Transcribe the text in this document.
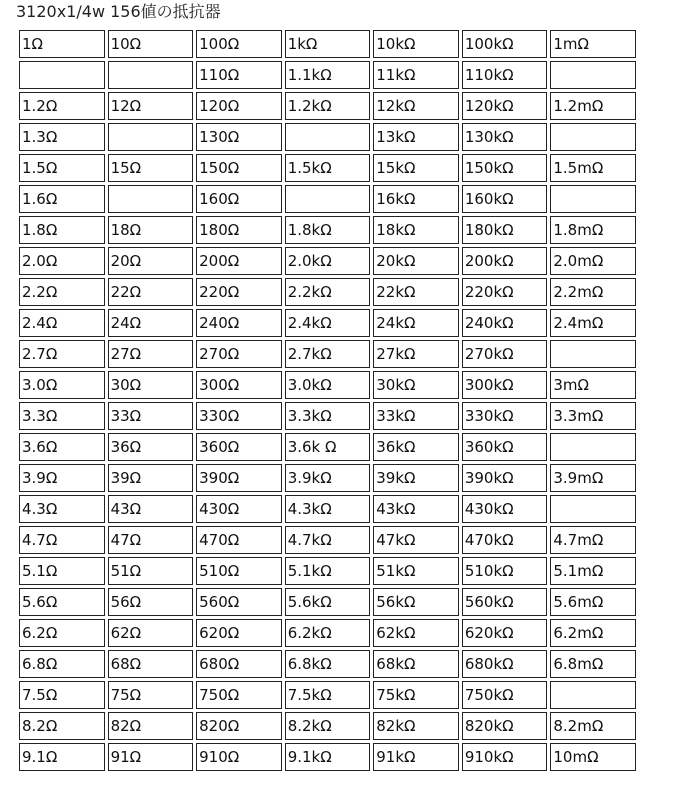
3120x1/4w 156値の抵抗器
1Ω	10Ω	100Ω	1kΩ	10kΩ	100kΩ	1mΩ
		110Ω	1.1kΩ	11kΩ	110kΩ	
1.2Ω	12Ω	120Ω	1.2kΩ	12kΩ	120kΩ	1.2mΩ
1.3Ω		130Ω		13kΩ	130kΩ	
1.5Ω	15Ω	150Ω	1.5kΩ	15kΩ	150kΩ	1.5mΩ
1.6Ω		160Ω		16kΩ	160kΩ	
1.8Ω	18Ω	180Ω	1.8kΩ	18kΩ	180kΩ	1.8mΩ
2.0Ω	20Ω	200Ω	2.0kΩ	20kΩ	200kΩ	2.0mΩ
2.2Ω	22Ω	220Ω	2.2kΩ	22kΩ	220kΩ	2.2mΩ
2.4Ω	24Ω	240Ω	2.4kΩ	24kΩ	240kΩ	2.4mΩ
2.7Ω	27Ω	270Ω	2.7kΩ	27kΩ	270kΩ	
3.0Ω	30Ω	300Ω	3.0kΩ	30kΩ	300kΩ	3mΩ
3.3Ω	33Ω	330Ω	3.3kΩ	33kΩ	330kΩ	3.3mΩ
3.6Ω	36Ω	360Ω	3.6k Ω	36kΩ	360kΩ	
3.9Ω	39Ω	390Ω	3.9kΩ	39kΩ	390kΩ	3.9mΩ
4.3Ω	43Ω	430Ω	4.3kΩ	43kΩ	430kΩ	
4.7Ω	47Ω	470Ω	4.7kΩ	47kΩ	470kΩ	4.7mΩ
5.1Ω	51Ω	510Ω	5.1kΩ	51kΩ	510kΩ	5.1mΩ
5.6Ω	56Ω	560Ω	5.6kΩ	56kΩ	560kΩ	5.6mΩ
6.2Ω	62Ω	620Ω	6.2kΩ	62kΩ	620kΩ	6.2mΩ
6.8Ω	68Ω	680Ω	6.8kΩ	68kΩ	680kΩ	6.8mΩ
7.5Ω	75Ω	750Ω	7.5kΩ	75kΩ	750kΩ	
8.2Ω	82Ω	820Ω	8.2kΩ	82kΩ	820kΩ	8.2mΩ
9.1Ω	91Ω	910Ω	9.1kΩ	91kΩ	910kΩ	10mΩ
